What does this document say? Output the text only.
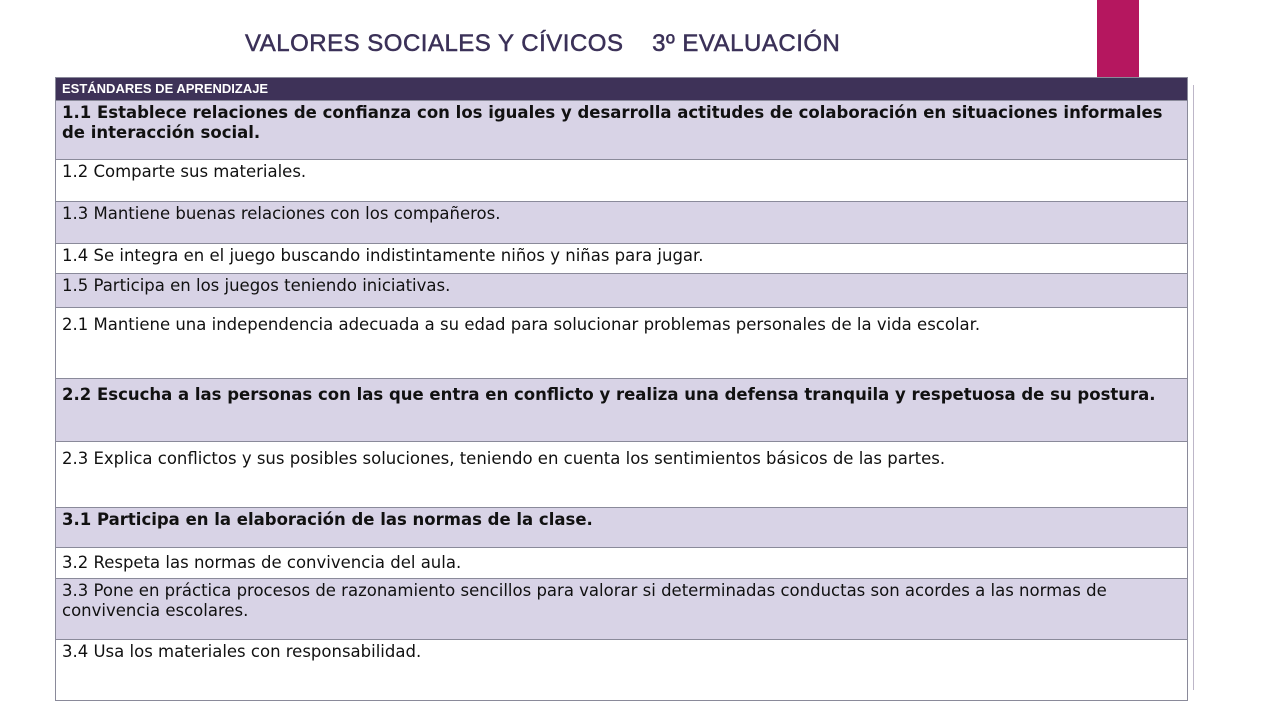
VALORES SOCIALES Y CÍVICOS    3º EVALUACIÓN
ESTÁNDARES DE APRENDIZAJE
1.1 Establece relaciones de confianza con los iguales y desarrolla actitudes de colaboración en situaciones informales de interacción social.
1.2 Comparte sus materiales.
1.3 Mantiene buenas relaciones con los compañeros.
1.4 Se integra en el juego buscando indistintamente niños y niñas para jugar.
1.5 Participa en los juegos teniendo iniciativas.
2.1 Mantiene una independencia adecuada a su edad para solucionar problemas personales de la vida escolar.
2.2 Escucha a las personas con las que entra en conflicto y realiza una defensa tranquila y respetuosa de su postura.
2.3 Explica conflictos y sus posibles soluciones, teniendo en cuenta los sentimientos básicos de las partes.
3.1 Participa en la elaboración de las normas de la clase.
3.2 Respeta las normas de convivencia del aula.
3.3 Pone en práctica procesos de razonamiento sencillos para valorar si determinadas conductas son acordes a las normas de convivencia escolares.
3.4 Usa los materiales con responsabilidad.
